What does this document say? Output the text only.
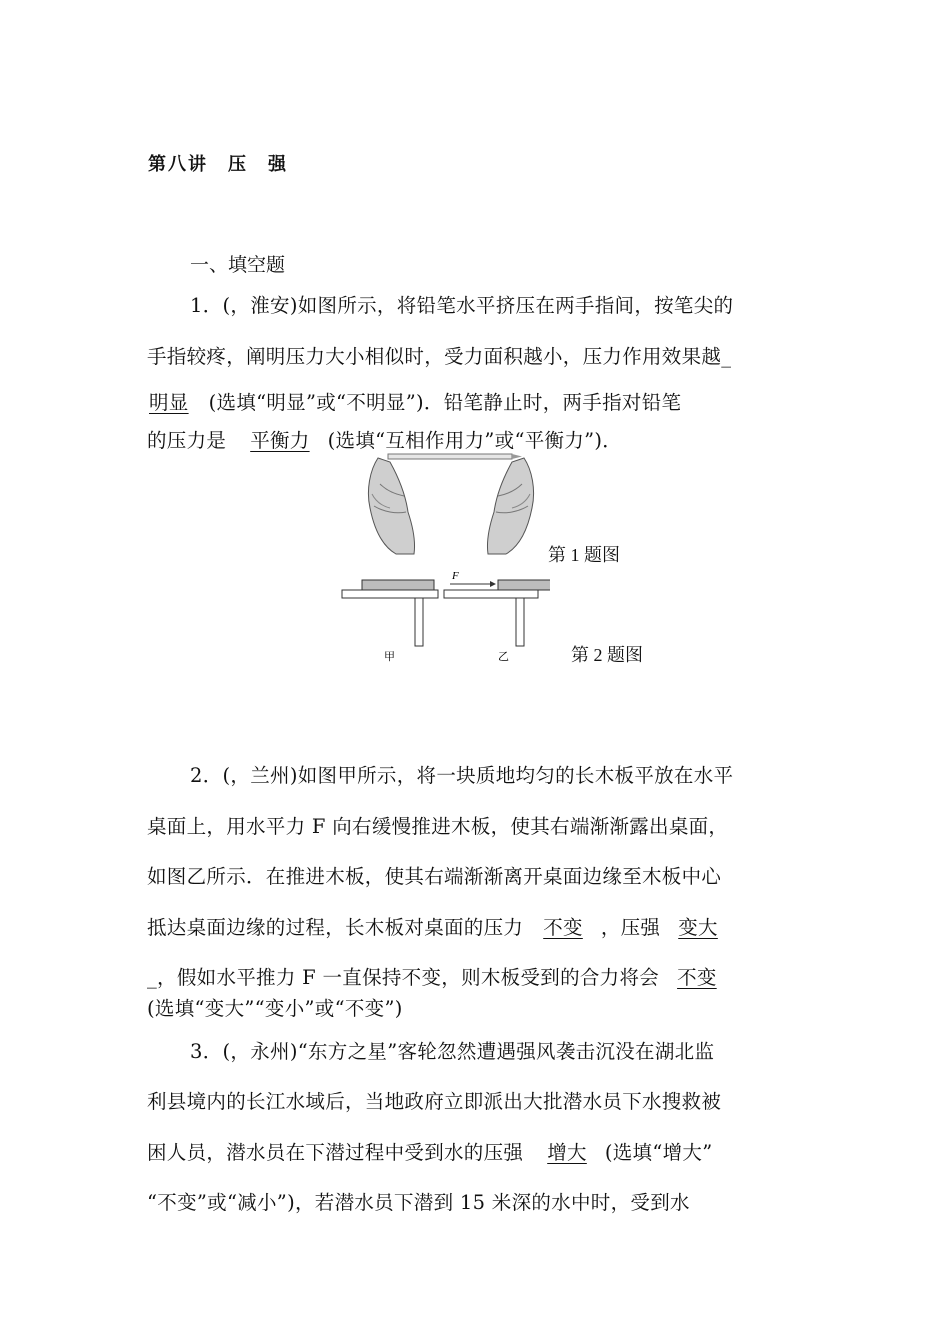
第八讲　压　强
一、填空题
1．(，淮安)如图所示，将铅笔水平挤压在两手指间，按笔尖的
手指较疼，阐明压力大小相似时，受力面积越小，压力作用效果越_
明显 (选填“明显”或“不明显”)．铅笔静止时，两手指对铅笔
的压力是 平衡力 (选填“互相作用力”或“平衡力”)．
第 1 题图
F
甲	乙	第 2 题图
2．(，兰州)如图甲所示，将一块质地均匀的长木板平放在水平
桌面上，用水平力 F 向右缓慢推进木板，使其右端渐渐露出桌面，
如图乙所示．在推进木板，使其右端渐渐离开桌面边缘至木板中心
抵达桌面边缘的过程，长木板对桌面的压力 不变 ，压强 变大
_，假如水平推力 F 一直保持不变，则木板受到的合力将会 不变
(选填“变大”“变小”或“不变”)
3．(，永州)“东方之星”客轮忽然遭遇强风袭击沉没在湖北监
利县境内的长江水域后，当地政府立即派出大批潜水员下水搜救被
困人员，潜水员在下潜过程中受到水的压强 增大 (选填“增大”
“不变”或“减小”)，若潜水员下潜到 15 米深的水中时，受到水
